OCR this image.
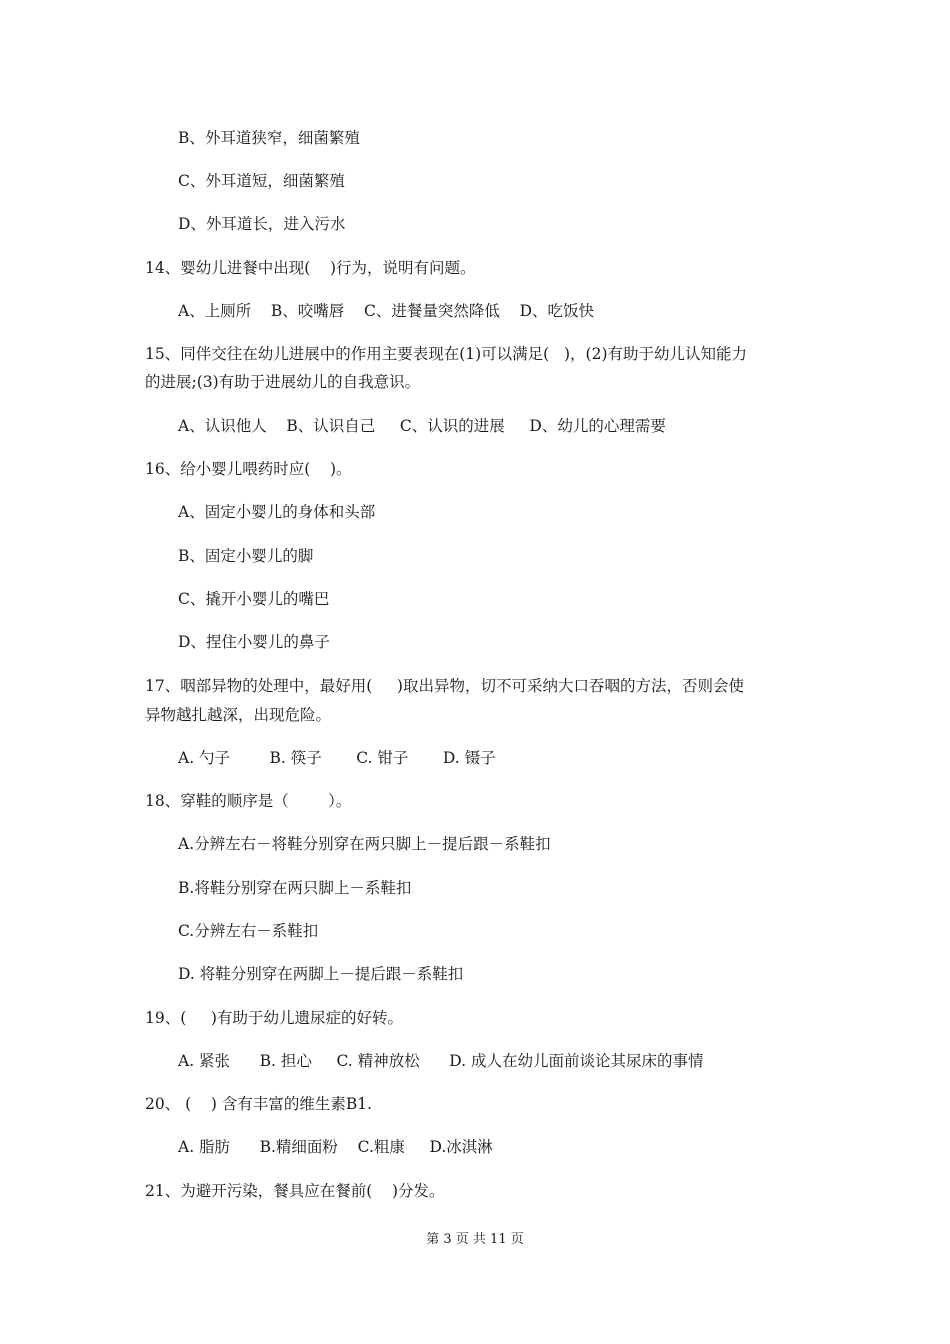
B、外耳道狭窄，细菌繁殖
C、外耳道短，细菌繁殖
D、外耳道长，进入污水
14、婴幼儿进餐中出现(    )行为，说明有问题。
A、上厕所    B、咬嘴唇    C、进餐量突然降低    D、吃饭快
15、同伴交往在幼儿进展中的作用主要表现在(1)可以满足(   )，(2)有助于幼儿认知能力
的进展;(3)有助于进展幼儿的自我意识。
A、认识他人    B、认识自己     C、认识的进展     D、幼儿的心理需要
16、给小婴儿喂药时应(    )。
A、固定小婴儿的身体和头部
B、固定小婴儿的脚
C、撬开小婴儿的嘴巴
D、捏住小婴儿的鼻子
17、咽部异物的处理中，最好用(     )取出异物，切不可采纳大口吞咽的方法，否则会使
异物越扎越深，出现危险。
A. 勺子        B. 筷子       C. 钳子       D. 镊子
18、穿鞋的顺序是（        ）。
A.分辨左右－将鞋分别穿在两只脚上－提后跟－系鞋扣
B.将鞋分别穿在两只脚上－系鞋扣
C.分辨左右－系鞋扣
D. 将鞋分别穿在两脚上－提后跟－系鞋扣
19、(     )有助于幼儿遗尿症的好转。
A. 紧张      B. 担心     C. 精神放松      D. 成人在幼儿面前谈论其尿床的事情
20、 (    ) 含有丰富的维生素B1.
A. 脂肪      B.精细面粉    C.粗康     D.冰淇淋
21、为避开污染，餐具应在餐前(    )分发。
第 3 页 共 11 页
